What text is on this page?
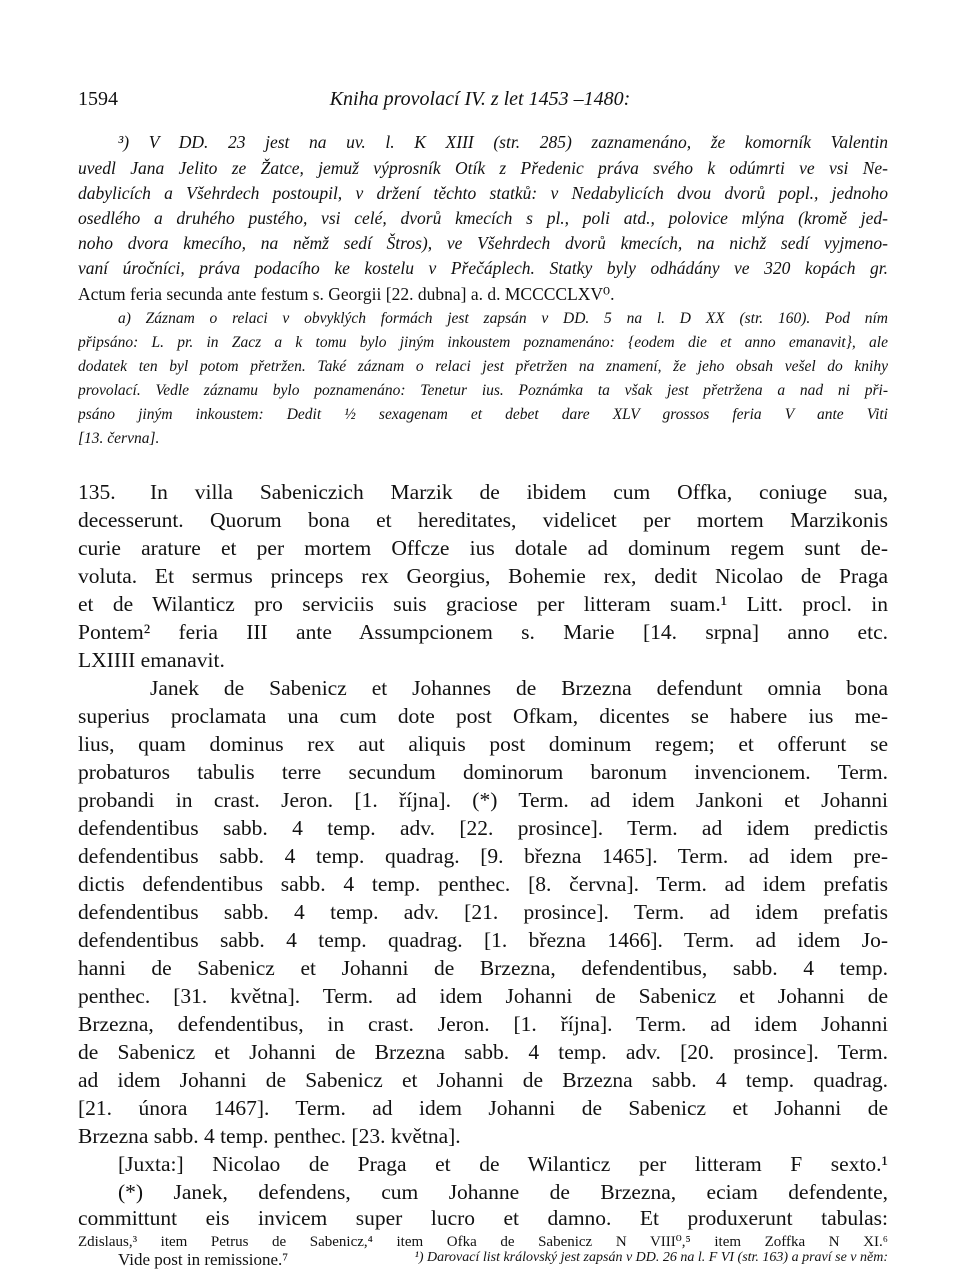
1594	Kniha provolací IV. z let 1453 –1480:
³) V DD. 23 jest na uv. l. K XIII (str. 285) zaznamenáno, že komorník Valentin
uvedl Jana Jelito ze Žatce, jemuž výprosník Otík z Předenic práva svého k odúmrti ve vsi Ne-
dabylicích a Všehrdech postoupil, v držení těchto statků: v Nedabylicích dvou dvorů popl., jednoho
osedlého a druhého pustého, vsi celé, dvorů kmecích s pl., poli atd., polovice mlýna (kromě jed-
noho dvora kmecího, na němž sedí Štros), ve Všehrdech dvorů kmecích, na nichž sedí vyjmeno-
vaní úročníci, práva podacího ke kostelu v Přečáplech. Statky byly odhádány ve 320 kopách gr.
Actum feria secunda ante festum s. Georgii [22. dubna] a. d. MCCCCLXV⁰.
a) Záznam o relaci v obvyklých formách jest zapsán v DD. 5 na l. D XX (str. 160). Pod ním
připsáno: L. pr. in Zacz a k tomu bylo jiným inkoustem poznamenáno: {eodem die et anno emanavit}, ale
dodatek ten byl potom přetržen. Také záznam o relaci jest přetržen na znamení, že jeho obsah vešel do knihy
provolací. Vedle záznamu bylo poznamenáno: Tenetur ius. Poznámka ta však jest přetržena a nad ni při-
psáno jiným inkoustem: Dedit ½ sexagenam et debet dare XLV grossos feria V ante Viti
[13. června].
135.	In villa Sabeniczich Marzik de ibidem cum Offka, coniuge sua,
decesserunt. Quorum bona et hereditates, videlicet per mortem Marzikonis
curie arature et per mortem Offcze ius dotale ad dominum regem sunt de-
voluta. Et sermus princeps rex Georgius, Bohemie rex, dedit Nicolao de Praga
et de Wilanticz pro serviciis suis graciose per litteram suam.¹ Litt. procl. in
Pontem² feria III ante Assumpcionem s. Marie [14. srpna] anno etc.
LXIIII emanavit.
Janek de Sabenicz et Johannes de Brzezna defendunt omnia bona
superius proclamata una cum dote post Ofkam, dicentes se habere ius me-
lius, quam dominus rex aut aliquis post dominum regem; et offerunt se
probaturos tabulis terre secundum dominorum baronum invencionem. Term.
probandi in crast. Jeron. [1. října]. (*) Term. ad idem Jankoni et Johanni
defendentibus sabb. 4 temp. adv. [22. prosince]. Term. ad idem predictis
defendentibus sabb. 4 temp. quadrag. [9. března 1465]. Term. ad idem pre-
dictis defendentibus sabb. 4 temp. penthec. [8. června]. Term. ad idem prefatis
defendentibus sabb. 4 temp. adv. [21. prosince]. Term. ad idem prefatis
defendentibus sabb. 4 temp. quadrag. [1. března 1466]. Term. ad idem Jo-
hanni de Sabenicz et Johanni de Brzezna, defendentibus, sabb. 4 temp.
penthec. [31. května]. Term. ad idem Johanni de Sabenicz et Johanni de
Brzezna, defendentibus, in crast. Jeron. [1. října]. Term. ad idem Johanni
de Sabenicz et Johanni de Brzezna sabb. 4 temp. adv. [20. prosince]. Term.
ad idem Johanni de Sabenicz et Johanni de Brzezna sabb. 4 temp. quadrag.
[21. února 1467]. Term. ad idem Johanni de Sabenicz et Johanni de
Brzezna sabb. 4 temp. penthec. [23. května].
[Juxta:] Nicolao de Praga et de Wilanticz per litteram F sexto.¹
(*) Janek, defendens, cum Johanne de Brzezna, eciam defendente,
committunt eis invicem super lucro et damno. Et produxerunt tabulas:
Zdislaus,³ item Petrus de Sabenicz,⁴ item Ofka de Sabenicz N VIII⁰,⁵ item Zoffka N XI.⁶
Vide post in remissione.⁷	¹) Darovací list královský jest zapsán v DD. 26 na l. F VI (str. 163) a praví se v něm:
